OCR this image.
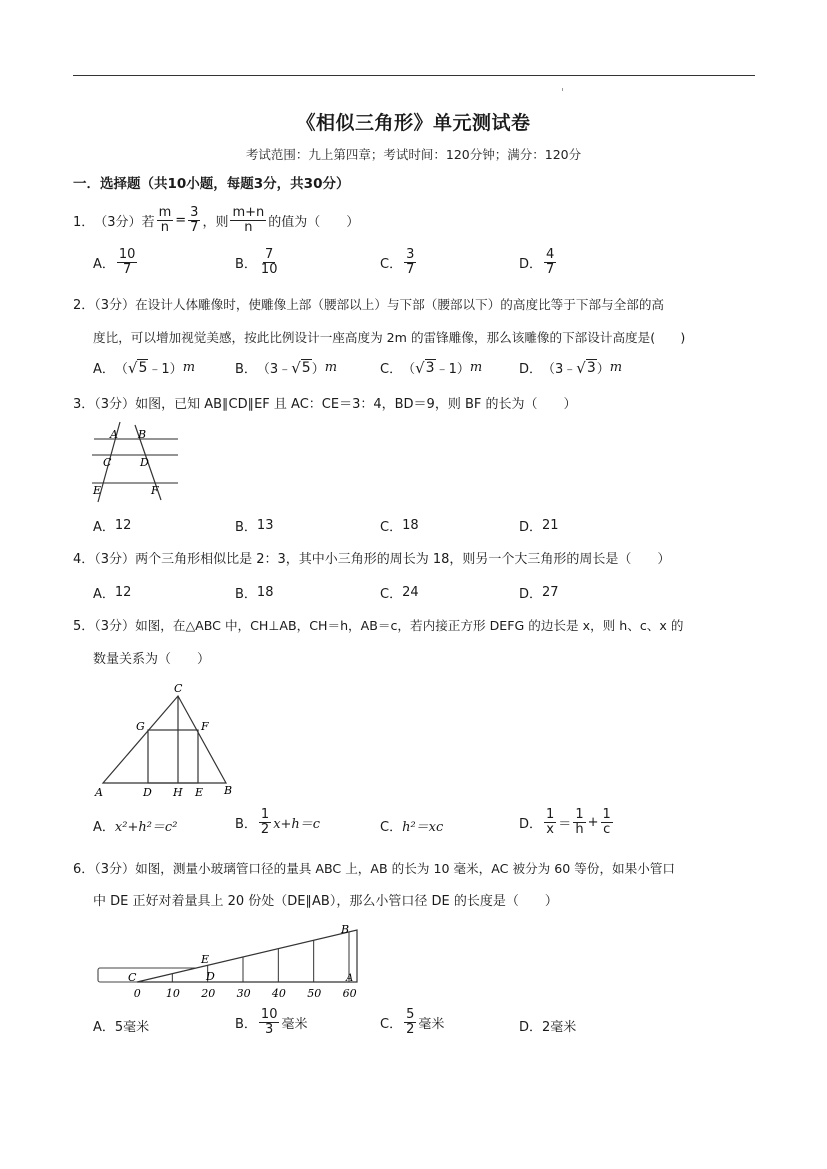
《相似三角形》单元测试卷
考试范围：九上第四章；考试时间：120分钟；满分：120分
一．选择题（共10小题，每题3分，共30分）
1． （3分） 若 $\frac{m}{n} = \frac{3}{7}$ ，则 $\frac{m+n}{n}$ 的值为（　　）
A． $\frac{10}{7}$	B． $\frac{7}{10}$	C． $\frac{3}{7}$	D． $\frac{4}{7}$
2．（3分）在设计人体雕像时，使雕像上部（腰部以上）与下部（腰部以下）的高度比等于下部与全部的高
度比，可以增加视觉美感，按此比例设计一座高度为 2m 的雷锋雕像，那么该雕像的下部设计高度是(　　)
A． （ √ 5 ﹣1） m	B． （3﹣ √ 5 ） m	C． （ √ 3 ﹣1） m	D． （3﹣ √ 3 ） m
3．（3分）如图，已知 AB∥CD∥EF 且 AC：CE＝3：4，BD＝9，则 BF 的长为（　　）
A B
C	D
E	F
A． 12	B． 13	C． 18	D． 21
4．（3分）两个三角形相似比是 2：3，其中小三角形的周长为 18，则另一个大三角形的周长是（　　）
A． 12	B． 18	C． 24	D． 27
5．（3分）如图，在△ABC 中，CH⊥AB，CH＝h，AB＝c，若内接正方形 DEFG 的边长是 x，则 h、c、x 的
数量关系为（　　）
A	B
C
D	E
F
G
H
A． x²+h²＝c²	B． $\frac{1}{2} x+h=c$	C． h²＝xc	D． $\frac{1}{x} = \frac{1}{h} + \frac{1}{c}$
6．（3分）如图，测量小玻璃管口径的量具 ABC 上，AB 的长为 10 毫米，AC 被分为 60 等份，如果小管口
中 DE 正好对着量具上 20 份处（DE∥AB），那么小管口径 DE 的长度是（　　）
0 10 20 30 40 50 60
B
E
C	D	A
A． 5毫米	B． $\frac{10}{3}$ 毫米	C． $\frac{5}{2}$ 毫米	D． 2毫米
